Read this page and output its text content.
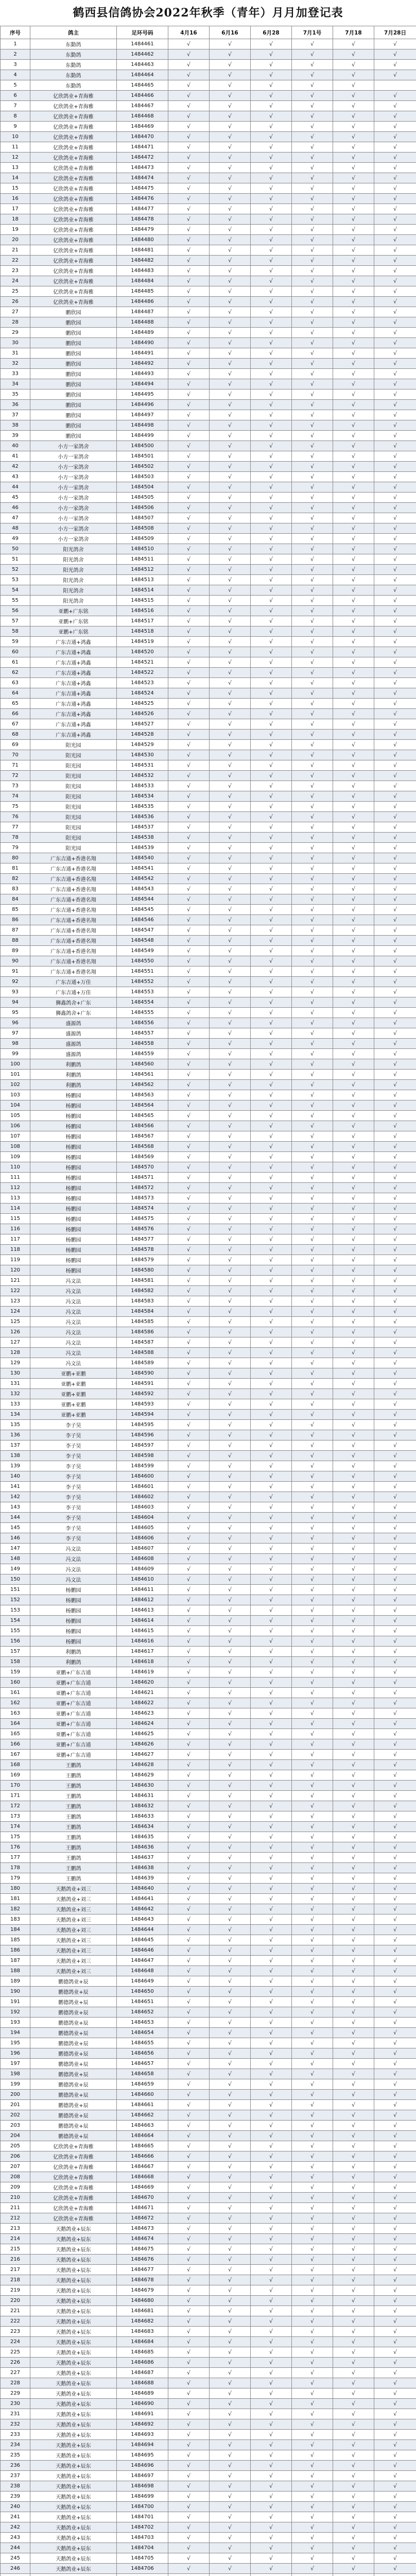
鹤西县信鸽协会2022年秋季（青年）月月加登记表
序号	鸽主	足环号码	4月16	6月16	6月28	7月1号	7月18	7月28日
1	东勤鸽	1484461	√	√	√	√	√	√
2	东勤鸽	1484462	√	√	√	√	√	√
3	东勤鸽	1484463	√	√	√	√	√	√
4	东勤鸽	1484464	√	√	√	√	√	√
5	东勤鸽	1484465	√	√	√	√	√	
6	亿欣鸽业+青海雅	1484466	√	√	√	√	√	√
7	亿欣鸽业+青海雅	1484467	√	√	√	√	√	√
8	亿欣鸽业+青海雅	1484468	√	√	√	√	√	√
9	亿欣鸽业+青海雅	1484469	√	√	√	√	√	√
10	亿欣鸽业+青海雅	1484470	√	√	√	√	√	√
11	亿欣鸽业+青海雅	1484471	√	√	√	√	√	√
12	亿欣鸽业+青海雅	1484472	√	√	√	√	√	√
13	亿欣鸽业+青海雅	1484473	√	√	√	√	√	√
14	亿欣鸽业+青海雅	1484474	√	√	√	√	√	√
15	亿欣鸽业+青海雅	1484475	√	√	√	√	√	√
16	亿欣鸽业+青海雅	1484476	√	√	√	√	√	√
17	亿欣鸽业+青海雅	1484477	√	√	√	√	√	√
18	亿欣鸽业+青海雅	1484478	√	√	√	√	√	√
19	亿欣鸽业+青海雅	1484479	√	√	√	√	√	√
20	亿欣鸽业+青海雅	1484480	√	√	√	√	√	√
21	亿欣鸽业+青海雅	1484481	√	√	√	√	√	√
22	亿欣鸽业+青海雅	1484482	√	√	√	√	√	√
23	亿欣鸽业+青海雅	1484483	√	√	√	√	√	√
24	亿欣鸽业+青海雅	1484484	√	√	√	√	√	√
25	亿欣鸽业+青海雅	1484485	√	√	√	√	√	√
26	亿欣鸽业+青海雅	1484486	√	√	√	√	√	√
27	鹏欣园	1484487	√	√	√	√	√	√
28	鹏欣园	1484488	√	√	√	√	√	√
29	鹏欣园	1484489	√	√	√	√	√	√
30	鹏欣园	1484490	√	√	√	√	√	√
31	鹏欣园	1484491	√	√	√	√	√	√
32	鹏欣园	1484492	√	√	√	√	√	√
33	鹏欣园	1484493	√	√	√	√	√	√
34	鹏欣园	1484494	√	√	√	√	√	√
35	鹏欣园	1484495	√	√	√	√	√	√
36	鹏欣园	1484496	√	√	√	√	√	√
37	鹏欣园	1484497	√	√	√	√	√	√
38	鹏欣园	1484498	√	√	√	√	√	√
39	鹏欣园	1484499	√	√	√	√	√	√
40	小方一家鸽舍	1484500	√	√	√	√	√	√
41	小方一家鸽舍	1484501	√	√	√	√	√	√
42	小方一家鸽舍	1484502	√	√	√	√	√	√
43	小方一家鸽舍	1484503	√	√	√	√	√	√
44	小方一家鸽舍	1484504	√	√	√	√	√	√
45	小方一家鸽舍	1484505	√	√	√	√	√	√
46	小方一家鸽舍	1484506	√	√	√	√	√	√
47	小方一家鸽舍	1484507	√	√	√	√	√	√
48	小方一家鸽舍	1484508	√	√	√	√	√	√
49	小方一家鸽舍	1484509	√	√	√	√	√	√
50	阳光鸽舍	1484510	√	√	√	√	√	√
51	阳光鸽舍	1484511	√	√	√	√	√	√
52	阳光鸽舍	1484512	√	√	√	√	√	√
53	阳光鸽舍	1484513	√	√	√	√	√	√
54	阳光鸽舍	1484514	√	√	√	√	√	√
55	阳光鸽舍	1484515	√	√	√	√	√	√
56	亚鹏+广东铭	1484516	√	√	√	√	√	√
57	亚鹏+广东铭	1484517	√	√	√	√	√	√
58	亚鹏+广东铭	1484518	√	√	√	√	√	√
59	广东吉通+鸿鑫	1484519	√	√	√	√	√	√
60	广东吉通+鸿鑫	1484520	√	√	√	√	√	√
61	广东吉通+鸿鑫	1484521	√	√	√	√	√	√
62	广东吉通+鸿鑫	1484522	√	√	√	√	√	√
63	广东吉通+鸿鑫	1484523	√	√	√	√	√	√
64	广东吉通+鸿鑫	1484524	√	√	√	√	√	√
65	广东吉通+鸿鑫	1484525	√	√	√	√	√	√
66	广东吉通+鸿鑫	1484526	√	√	√	√	√	√
67	广东吉通+鸿鑫	1484527	√	√	√	√	√	√
68	广东吉通+鸿鑫	1484528	√	√	√	√	√	√
69	阳光园	1484529	√	√	√	√	√	√
70	阳光园	1484530	√	√	√	√	√	√
71	阳光园	1484531	√	√	√	√	√	√
72	阳光园	1484532	√	√	√	√	√	√
73	阳光园	1484533	√	√	√	√	√	√
74	阳光园	1484534	√	√	√	√	√	√
75	阳光园	1484535	√	√	√	√	√	√
76	阳光园	1484536	√	√	√	√	√	√
77	阳光园	1484537	√	√	√	√	√	√
78	阳光园	1484538	√	√	√	√	√	√
79	阳光园	1484539	√	√	√	√	√	√
80	广东吉通+香港名翔	1484540	√	√	√	√	√	√
81	广东吉通+香港名翔	1484541	√	√	√	√	√	√
82	广东吉通+香港名翔	1484542	√	√	√	√	√	√
83	广东吉通+香港名翔	1484543	√	√	√	√	√	√
84	广东吉通+香港名翔	1484544	√	√	√	√	√	√
85	广东吉通+香港名翔	1484545	√	√	√	√	√	√
86	广东吉通+香港名翔	1484546	√	√	√	√	√	√
87	广东吉通+香港名翔	1484547	√	√	√	√	√	√
88	广东吉通+香港名翔	1484548	√	√	√	√	√	√
89	广东吉通+香港名翔	1484549	√	√	√	√	√	√
90	广东吉通+香港名翔	1484550	√	√	√	√	√	√
91	广东吉通+香港名翔	1484551	√	√	√	√	√	√
92	广东吉通+万佳	1484552	√	√	√	√	√	√
93	广东吉通+万佳	1484553	√	√	√	√	√	√
94	狮鑫鸽舍+广东	1484554	√	√	√	√	√	√
95	狮鑫鸽舍+广东	1484555	√	√	√	√	√	√
96	盛源鸽	1484556	√	√	√	√	√	√
97	盛源鸽	1484557	√	√	√	√	√	√
98	盛源鸽	1484558	√	√	√	√	√	√
99	盛源鸽	1484559	√	√	√	√	√	√
100	利鹏鸽	1484560	√	√	√	√	√	√
101	利鹏鸽	1484561	√	√	√	√	√	√
102	利鹏鸽	1484562	√	√	√	√	√	√
103	杨鹏园	1484563	√	√	√	√	√	√
104	杨鹏园	1484564	√	√	√	√	√	√
105	杨鹏园	1484565	√	√	√	√	√	√
106	杨鹏园	1484566	√	√	√	√	√	√
107	杨鹏园	1484567	√	√	√	√	√	√
108	杨鹏园	1484568	√	√	√	√	√	√
109	杨鹏园	1484569	√	√	√	√	√	√
110	杨鹏园	1484570	√	√	√	√	√	√
111	杨鹏园	1484571	√	√	√	√	√	√
112	杨鹏园	1484572	√	√	√	√	√	√
113	杨鹏园	1484573	√	√	√	√	√	√
114	杨鹏园	1484574	√	√	√	√	√	√
115	杨鹏园	1484575	√	√	√	√	√	√
116	杨鹏园	1484576	√	√	√	√	√	√
117	杨鹏园	1484577	√	√	√	√	√	√
118	杨鹏园	1484578	√	√	√	√	√	√
119	杨鹏园	1484579	√	√	√	√	√	√
120	杨鹏园	1484580	√	√	√	√	√	√
121	冯文法	1484581	√	√	√	√	√	√
122	冯文法	1484582	√	√	√	√	√	√
123	冯文法	1484583	√	√	√	√	√	√
124	冯文法	1484584	√	√	√	√	√	√
125	冯文法	1484585	√	√	√	√	√	√
126	冯文法	1484586	√	√	√	√	√	√
127	冯文法	1484587	√	√	√	√	√	√
128	冯文法	1484588	√	√	√	√	√	√
129	冯文法	1484589	√	√	√	√	√	√
130	亚鹏+亚鹏	1484590	√	√	√	√	√	√
131	亚鹏+亚鹏	1484591	√	√	√	√	√	√
132	亚鹏+亚鹏	1484592	√	√	√	√	√	√
133	亚鹏+亚鹏	1484593	√	√	√	√	√	√
134	亚鹏+亚鹏	1484594	√	√	√	√	√	√
135	李子昊	1484595	√	√	√	√	√	√
136	李子昊	1484596	√	√	√	√	√	√
137	李子昊	1484597	√	√	√	√	√	√
138	李子昊	1484598	√	√	√	√	√	√
139	李子昊	1484599	√	√	√	√	√	√
140	李子昊	1484600	√	√	√	√	√	√
141	李子昊	1484601	√	√	√	√	√	√
142	李子昊	1484602	√	√	√	√	√	√
143	李子昊	1484603	√	√	√	√	√	√
144	李子昊	1484604	√	√	√	√	√	√
145	李子昊	1484605	√	√	√	√	√	√
146	李子昊	1484606	√	√	√	√	√	√
147	冯文法	1484607	√	√	√	√	√	√
148	冯文法	1484608	√	√	√	√	√	√
149	冯文法	1484609	√	√	√	√	√	√
150	冯文法	1484610	√	√	√	√	√	√
151	杨鹏园	1484611	√	√	√	√	√	√
152	杨鹏园	1484612	√	√	√	√	√	√
153	杨鹏园	1484613	√	√	√	√	√	√
154	杨鹏园	1484614	√	√	√	√	√	√
155	杨鹏园	1484615	√	√	√	√	√	√
156	杨鹏园	1484616	√	√	√	√	√	√
157	利鹏鸽	1484617	√	√	√	√	√	√
158	利鹏鸽	1484618	√	√	√	√	√	√
159	亚鹏+广东吉通	1484619	√	√	√	√	√	√
160	亚鹏+广东吉通	1484620	√	√	√	√	√	√
161	亚鹏+广东吉通	1484621	√	√	√	√	√	√
162	亚鹏+广东吉通	1484622	√	√	√	√	√	√
163	亚鹏+广东吉通	1484623	√	√	√	√	√	√
164	亚鹏+广东吉通	1484624	√	√	√	√	√	√
165	亚鹏+广东吉通	1484625	√	√	√	√	√	√
166	亚鹏+广东吉通	1484626	√	√	√	√	√	√
167	亚鹏+广东吉通	1484627	√	√	√	√	√	√
168	王鹏鸽	1484628	√	√	√	√	√	√
169	王鹏鸽	1484629	√	√	√	√	√	√
170	王鹏鸽	1484630	√	√	√	√	√	√
171	王鹏鸽	1484631	√	√	√	√	√	√
172	王鹏鸽	1484632	√	√	√	√	√	√
173	王鹏鸽	1484633	√	√	√	√	√	√
174	王鹏鸽	1484634	√	√	√	√	√	√
175	王鹏鸽	1484635	√	√	√	√	√	√
176	王鹏鸽	1484636	√	√	√	√	√	√
177	王鹏鸽	1484637	√	√	√	√	√	√
178	王鹏鸽	1484638	√	√	√	√	√	√
179	王鹏鸽	1484639	√	√	√	√	√	√
180	天鹅鸽业+刘三	1484640	√	√	√	√	√	√
181	天鹅鸽业+刘三	1484641	√	√	√	√	√	√
182	天鹅鸽业+刘三	1484642	√	√	√	√	√	√
183	天鹅鸽业+刘三	1484643	√	√	√	√	√	√
184	天鹅鸽业+刘三	1484644	√	√	√	√	√	√
185	天鹅鸽业+刘三	1484645	√	√	√	√	√	√
186	天鹅鸽业+刘三	1484646	√	√	√	√	√	√
187	天鹅鸽业+刘三	1484647	√	√	√	√	√	√
188	天鹅鸽业+刘三	1484648	√	√	√	√	√	√
189	鹏德鸽业+辰	1484649	√	√	√	√	√	√
190	鹏德鸽业+辰	1484650	√	√	√	√	√	√
191	鹏德鸽业+辰	1484651	√	√	√	√	√	√
192	鹏德鸽业+辰	1484652	√	√	√	√	√	√
193	鹏德鸽业+辰	1484653	√	√	√	√	√	√
194	鹏德鸽业+辰	1484654	√	√	√	√	√	√
195	鹏德鸽业+辰	1484655	√	√	√	√	√	√
196	鹏德鸽业+辰	1484656	√	√	√	√	√	√
197	鹏德鸽业+辰	1484657	√	√	√	√	√	√
198	鹏德鸽业+辰	1484658	√	√	√	√	√	√
199	鹏德鸽业+辰	1484659	√	√	√	√	√	√
200	鹏德鸽业+辰	1484660	√	√	√	√	√	√
201	鹏德鸽业+辰	1484661	√	√	√	√	√	√
202	鹏德鸽业+辰	1484662	√	√	√	√	√	√
203	鹏德鸽业+辰	1484663	√	√	√	√	√	√
204	鹏德鸽业+辰	1484664	√	√	√	√	√	√
205	亿欣鸽业+青海雅	1484665	√	√	√	√	√	√
206	亿欣鸽业+青海雅	1484666	√	√	√	√	√	√
207	亿欣鸽业+青海雅	1484667	√	√	√	√	√	√
208	亿欣鸽业+青海雅	1484668	√	√	√	√	√	√
209	亿欣鸽业+青海雅	1484669	√	√	√	√	√	√
210	亿欣鸽业+青海雅	1484670	√	√	√	√	√	√
211	亿欣鸽业+青海雅	1484671	√	√	√	√	√	√
212	亿欣鸽业+青海雅	1484672	√	√	√	√	√	√
213	天鹅鸽业+辰东	1484673	√	√	√	√	√	√
214	天鹅鸽业+辰东	1484674	√	√	√	√	√	√
215	天鹅鸽业+辰东	1484675	√	√	√	√	√	√
216	天鹅鸽业+辰东	1484676	√	√	√	√	√	√
217	天鹅鸽业+辰东	1484677	√	√	√	√	√	√
218	天鹅鸽业+辰东	1484678	√	√	√	√	√	√
219	天鹅鸽业+辰东	1484679	√	√	√	√	√	√
220	天鹅鸽业+辰东	1484680	√	√	√	√	√	√
221	天鹅鸽业+辰东	1484681	√	√	√	√	√	√
222	天鹅鸽业+辰东	1484682	√	√	√	√	√	√
223	天鹅鸽业+辰东	1484683	√	√	√	√	√	√
224	天鹅鸽业+辰东	1484684	√	√	√	√	√	√
225	天鹅鸽业+辰东	1484685	√	√	√	√	√	√
226	天鹅鸽业+辰东	1484686	√	√	√	√	√	√
227	天鹅鸽业+辰东	1484687	√	√	√	√	√	√
228	天鹅鸽业+辰东	1484688	√	√	√	√	√	√
229	天鹅鸽业+辰东	1484689	√	√	√	√	√	√
230	天鹅鸽业+辰东	1484690	√	√	√	√	√	√
231	天鹅鸽业+辰东	1484691	√	√	√	√	√	√
232	天鹅鸽业+辰东	1484692	√	√	√	√	√	√
233	天鹅鸽业+辰东	1484693	√	√	√	√	√	√
234	天鹅鸽业+辰东	1484694	√	√	√	√	√	√
235	天鹅鸽业+辰东	1484695	√	√	√	√	√	√
236	天鹅鸽业+辰东	1484696	√	√	√	√	√	√
237	天鹅鸽业+辰东	1484697	√	√	√	√	√	√
238	天鹅鸽业+辰东	1484698	√	√	√	√	√	√
239	天鹅鸽业+辰东	1484699	√	√	√	√	√	√
240	天鹅鸽业+辰东	1484700	√	√	√	√	√	√
241	天鹅鸽业+辰东	1484701	√	√	√	√	√	√
242	天鹅鸽业+辰东	1484702	√	√	√	√	√	√
243	天鹅鸽业+辰东	1484703	√	√	√	√	√	√
244	天鹅鸽业+辰东	1484704	√	√	√	√	√	√
245	天鹅鸽业+辰东	1484705	√	√	√	√	√	√
246	天鹅鸽业+辰东	1484706	√	√	√	√	√	√
